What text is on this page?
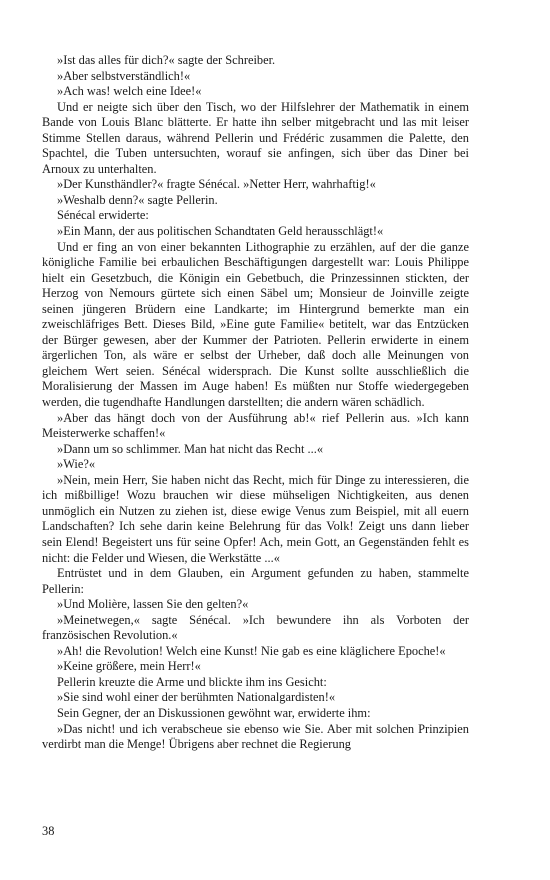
»Ist das alles für dich?« sagte der Schreiber.

»Aber selbstverständlich!«

»Ach was! welch eine Idee!«

Und er neigte sich über den Tisch, wo der Hilfslehrer der Mathematik in einem Bande von Louis Blanc blätterte. Er hatte ihn selber mitgebracht und las mit leiser Stimme Stellen daraus, während Pellerin und Frédéric zusammen die Palette, den Spachtel, die Tuben untersuchten, worauf sie anfingen, sich über das Diner bei Arnoux zu unterhalten.

»Der Kunsthändler?« fragte Sénécal. »Netter Herr, wahrhaftig!«

»Weshalb denn?« sagte Pellerin.

Sénécal erwiderte:

»Ein Mann, der aus politischen Schandtaten Geld herausschlägt!«

Und er fing an von einer bekannten Lithographie zu erzählen, auf der die ganze königliche Familie bei erbaulichen Beschäftigungen dargestellt war: Louis Philippe hielt ein Gesetzbuch, die Königin ein Gebetbuch, die Prinzessinnen stickten, der Herzog von Nemours gürtete sich einen Säbel um; Monsieur de Joinville zeigte seinen jüngeren Brüdern eine Landkarte; im Hintergrund bemerkte man ein zweischläfriges Bett. Dieses Bild, »Eine gute Familie« betitelt, war das Entzücken der Bürger gewesen, aber der Kummer der Patrioten. Pellerin erwiderte in einem ärgerlichen Ton, als wäre er selbst der Urheber, daß doch alle Meinungen von gleichem Wert seien. Sénécal widersprach. Die Kunst sollte ausschließlich die Moralisierung der Massen im Auge haben! Es müßten nur Stoffe wiedergegeben werden, die tugendhafte Handlungen darstellten; die andern wären schädlich.

»Aber das hängt doch von der Ausführung ab!« rief Pellerin aus. »Ich kann Meisterwerke schaffen!«

»Dann um so schlimmer. Man hat nicht das Recht ...«

»Wie?«

»Nein, mein Herr, Sie haben nicht das Recht, mich für Dinge zu interessieren, die ich mißbillige! Wozu brauchen wir diese mühseligen Nichtigkeiten, aus denen unmöglich ein Nutzen zu ziehen ist, diese ewige Venus zum Beispiel, mit all euern Landschaften? Ich sehe darin keine Belehrung für das Volk! Zeigt uns dann lieber sein Elend! Begeistert uns für seine Opfer! Ach, mein Gott, an Gegenständen fehlt es nicht: die Felder und Wiesen, die Werkstätte ...«

Entrüstet und in dem Glauben, ein Argument gefunden zu haben, stammelte Pellerin:

»Und Molière, lassen Sie den gelten?«

»Meinetwegen,« sagte Sénécal. »Ich bewundere ihn als Vorboten der französischen Revolution.«

»Ah! die Revolution! Welch eine Kunst! Nie gab es eine kläglichere Epoche!«

»Keine größere, mein Herr!«

Pellerin kreuzte die Arme und blickte ihm ins Gesicht:

»Sie sind wohl einer der berühmten Nationalgardisten!«

Sein Gegner, der an Diskussionen gewöhnt war, erwiderte ihm:

»Das nicht! und ich verabscheue sie ebenso wie Sie. Aber mit solchen Prinzipien verdirbt man die Menge! Übrigens aber rechnet die Regierung

38
